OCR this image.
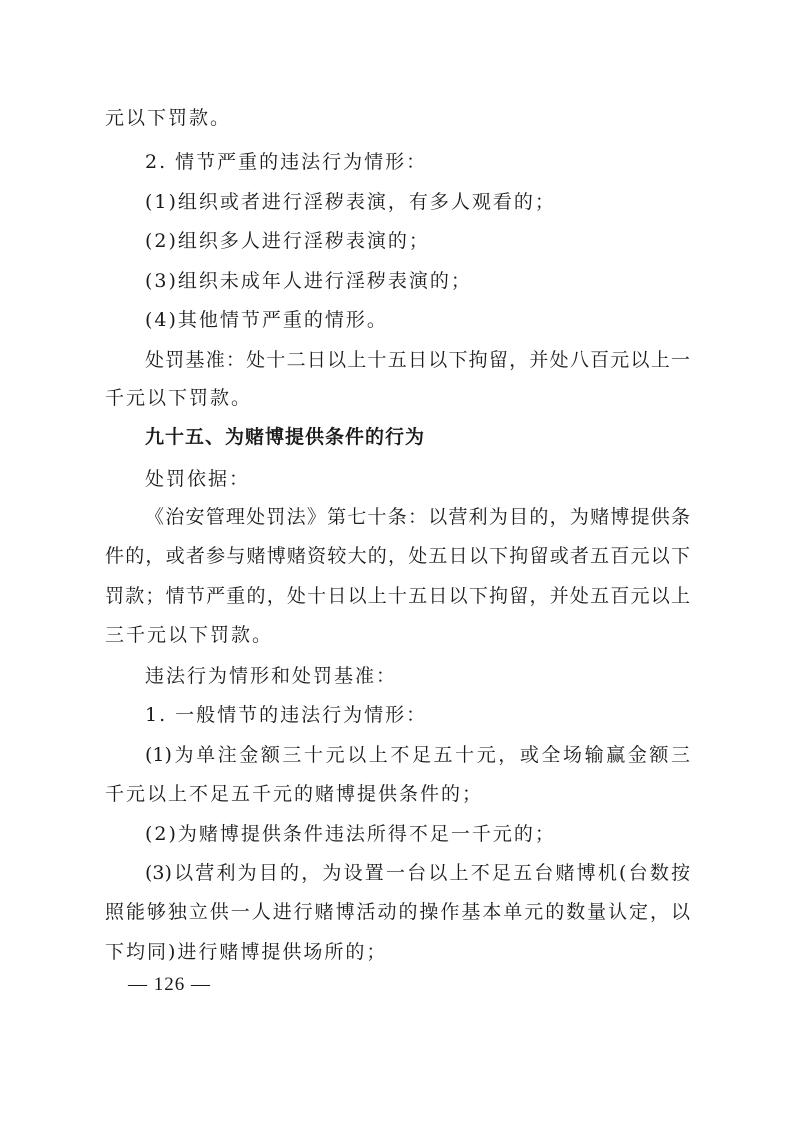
元以下罚款。
2. 情节严重的违法行为情形：
(1)组织或者进行淫秽表演，有多人观看的；
(2)组织多人进行淫秽表演的；
(3)组织未成年人进行淫秽表演的；
(4)其他情节严重的情形。
处罚基准：处十二日以上十五日以下拘留，并处八百元以上一
千元以下罚款。
九十五、为赌博提供条件的行为
处罚依据：
《治安管理处罚法》第七十条：以营利为目的，为赌博提供条
件的，或者参与赌博赌资较大的，处五日以下拘留或者五百元以下
罚款；情节严重的，处十日以上十五日以下拘留，并处五百元以上
三千元以下罚款。
违法行为情形和处罚基准：
1. 一般情节的违法行为情形：
(1)为单注金额三十元以上不足五十元，或全场输赢金额三
千元以上不足五千元的赌博提供条件的；
(2)为赌博提供条件违法所得不足一千元的；
(3)以营利为目的，为设置一台以上不足五台赌博机(台数按
照能够独立供一人进行赌博活动的操作基本单元的数量认定，以
下均同)进行赌博提供场所的；
— 126 —
